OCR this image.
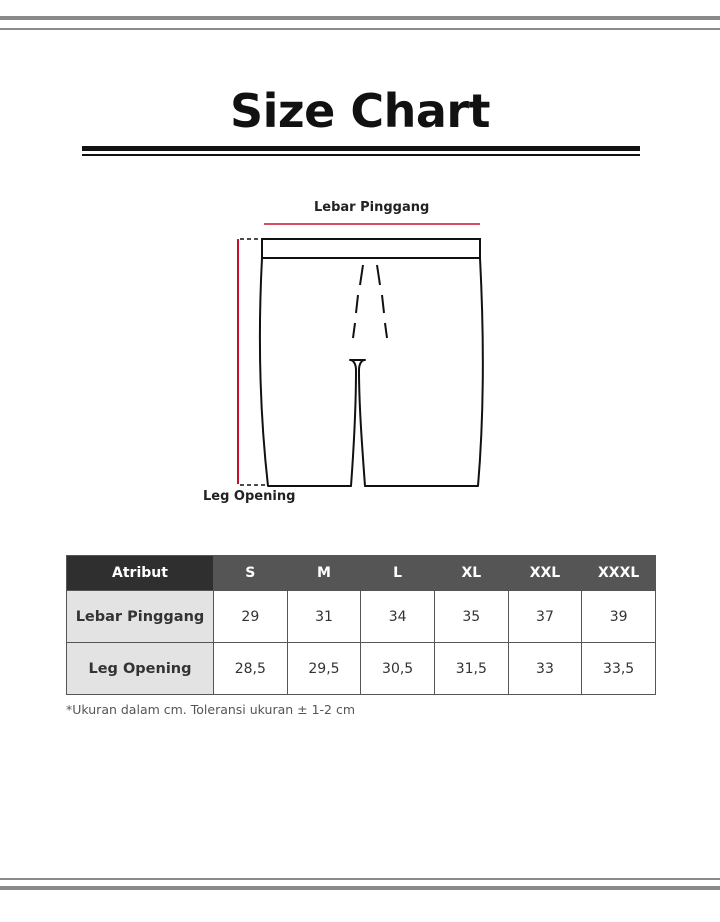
Size Chart
Lebar Pinggang
Leg Opening
Atribut	S	M	L	XL	XXL	XXXL
Lebar Pinggang	29	31	34	35	37	39
Leg Opening	28,5	29,5	30,5	31,5	33	33,5
*Ukuran dalam cm. Toleransi ukuran ± 1-2 cm
